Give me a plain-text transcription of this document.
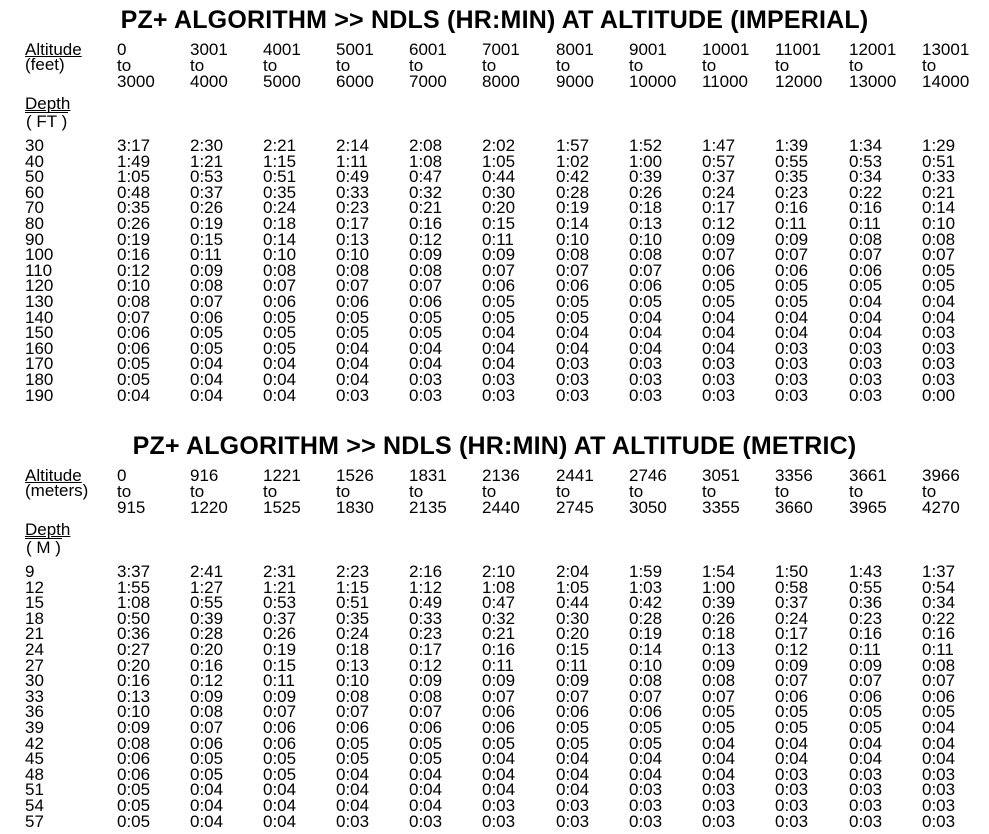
PZ+ ALGORITHM >> NDLS (HR:MIN) AT ALTITUDE (IMPERIAL)
Altitude
(feet)
Depth
( FT )
0
to
3000
3001
to
4000
4001
to
5000
5001
to
6000
6001
to
7000
7001
to
8000
8001
to
9000
9001
to
10000
10001
to
11000
11001
to
12000
12001
to
13000
13001
to
14000
30
40
50
60
70
80
90
100
110
120
130
140
150
160
170
180
190
3:17
1:49
1:05
0:48
0:35
0:26
0:19
0:16
0:12
0:10
0:08
0:07
0:06
0:06
0:05
0:05
0:04
2:30
1:21
0:53
0:37
0:26
0:19
0:15
0:11
0:09
0:08
0:07
0:06
0:05
0:05
0:04
0:04
0:04
2:21
1:15
0:51
0:35
0:24
0:18
0:14
0:10
0:08
0:07
0:06
0:05
0:05
0:05
0:04
0:04
0:04
2:14
1:11
0:49
0:33
0:23
0:17
0:13
0:10
0:08
0:07
0:06
0:05
0:05
0:04
0:04
0:04
0:03
2:08
1:08
0:47
0:32
0:21
0:16
0:12
0:09
0:08
0:07
0:06
0:05
0:05
0:04
0:04
0:03
0:03
2:02
1:05
0:44
0:30
0:20
0:15
0:11
0:09
0:07
0:06
0:05
0:05
0:04
0:04
0:04
0:03
0:03
1:57
1:02
0:42
0:28
0:19
0:14
0:10
0:08
0:07
0:06
0:05
0:05
0:04
0:04
0:03
0:03
0:03
1:52
1:00
0:39
0:26
0:18
0:13
0:10
0:08
0:07
0:06
0:05
0:04
0:04
0:04
0:03
0:03
0:03
1:47
0:57
0:37
0:24
0:17
0:12
0:09
0:07
0:06
0:05
0:05
0:04
0:04
0:04
0:03
0:03
0:03
1:39
0:55
0:35
0:23
0:16
0:11
0:09
0:07
0:06
0:05
0:05
0:04
0:04
0:03
0:03
0:03
0:03
1:34
0:53
0:34
0:22
0:16
0:11
0:08
0:07
0:06
0:05
0:04
0:04
0:04
0:03
0:03
0:03
0:03
1:29
0:51
0:33
0:21
0:14
0:10
0:08
0:07
0:05
0:05
0:04
0:04
0:03
0:03
0:03
0:03
0:00
PZ+ ALGORITHM >> NDLS (HR:MIN) AT ALTITUDE (METRIC)
Altitude
(meters)
Depth
( M )
0
to
915
916
to
1220
1221
to
1525
1526
to
1830
1831
to
2135
2136
to
2440
2441
to
2745
2746
to
3050
3051
to
3355
3356
to
3660
3661
to
3965
3966
to
4270
9
12
15
18
21
24
27
30
33
36
39
42
45
48
51
54
57
3:37
1:55
1:08
0:50
0:36
0:27
0:20
0:16
0:13
0:10
0:09
0:08
0:06
0:06
0:05
0:05
0:05
2:41
1:27
0:55
0:39
0:28
0:20
0:16
0:12
0:09
0:08
0:07
0:06
0:05
0:05
0:04
0:04
0:04
2:31
1:21
0:53
0:37
0:26
0:19
0:15
0:11
0:09
0:07
0:06
0:06
0:05
0:05
0:04
0:04
0:04
2:23
1:15
0:51
0:35
0:24
0:18
0:13
0:10
0:08
0:07
0:06
0:05
0:05
0:04
0:04
0:04
0:03
2:16
1:12
0:49
0:33
0:23
0:17
0:12
0:09
0:08
0:07
0:06
0:05
0:05
0:04
0:04
0:04
0:03
2:10
1:08
0:47
0:32
0:21
0:16
0:11
0:09
0:07
0:06
0:06
0:05
0:04
0:04
0:04
0:03
0:03
2:04
1:05
0:44
0:30
0:20
0:15
0:11
0:09
0:07
0:06
0:05
0:05
0:04
0:04
0:04
0:03
0:03
1:59
1:03
0:42
0:28
0:19
0:14
0:10
0:08
0:07
0:06
0:05
0:05
0:04
0:04
0:03
0:03
0:03
1:54
1:00
0:39
0:26
0:18
0:13
0:09
0:08
0:07
0:05
0:05
0:04
0:04
0:04
0:03
0:03
0:03
1:50
0:58
0:37
0:24
0:17
0:12
0:09
0:07
0:06
0:05
0:05
0:04
0:04
0:03
0:03
0:03
0:03
1:43
0:55
0:36
0:23
0:16
0:11
0:09
0:07
0:06
0:05
0:05
0:04
0:04
0:03
0:03
0:03
0:03
1:37
0:54
0:34
0:22
0:16
0:11
0:08
0:07
0:06
0:05
0:04
0:04
0:04
0:03
0:03
0:03
0:03
